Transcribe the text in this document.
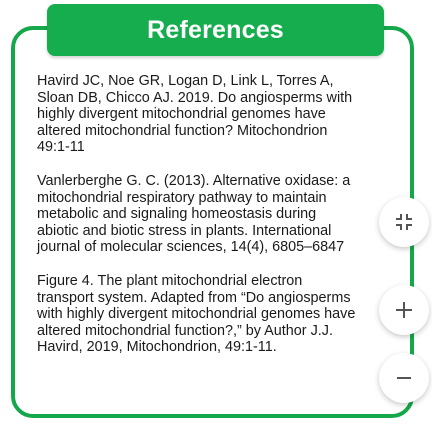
References

Havird JC, Noe GR, Logan D, Link L, Torres A,
Sloan DB, Chicco AJ. 2019. Do angiosperms with
highly divergent mitochondrial genomes have
altered mitochondrial function? Mitochondrion
49:1-11

Vanlerberghe G. C. (2013). Alternative oxidase: a
mitochondrial respiratory pathway to maintain
metabolic and signaling homeostasis during
abiotic and biotic stress in plants. International
journal of molecular sciences, 14(4), 6805–6847

Figure 4. The plant mitochondrial electron
transport system. Adapted from “Do angiosperms
with highly divergent mitochondrial genomes have
altered mitochondrial function?,” by Author J.J.
Havird, 2019, Mitochondrion, 49:1-11.
